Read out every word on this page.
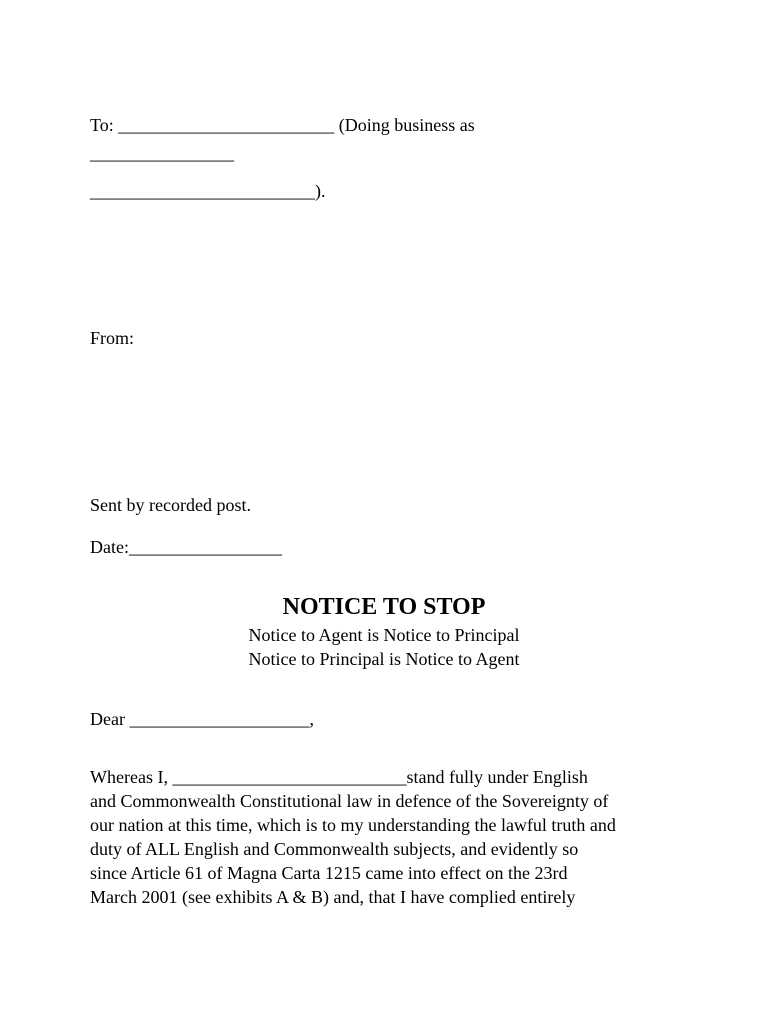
To: ________________________ (Doing business as
________________
_________________________).
From:
Sent by recorded post.
Date:_________________
NOTICE TO STOP
Notice to Agent is Notice to Principal
Notice to Principal is Notice to Agent
Dear ____________________,
Whereas I, __________________________stand fully under English
and Commonwealth Constitutional law in defence of the Sovereignty of
our nation at this time, which is to my understanding the lawful truth and
duty of ALL English and Commonwealth subjects, and evidently so
since Article 61 of Magna Carta 1215 came into effect on the 23rd
March 2001 (see exhibits A & B) and, that I have complied entirely
